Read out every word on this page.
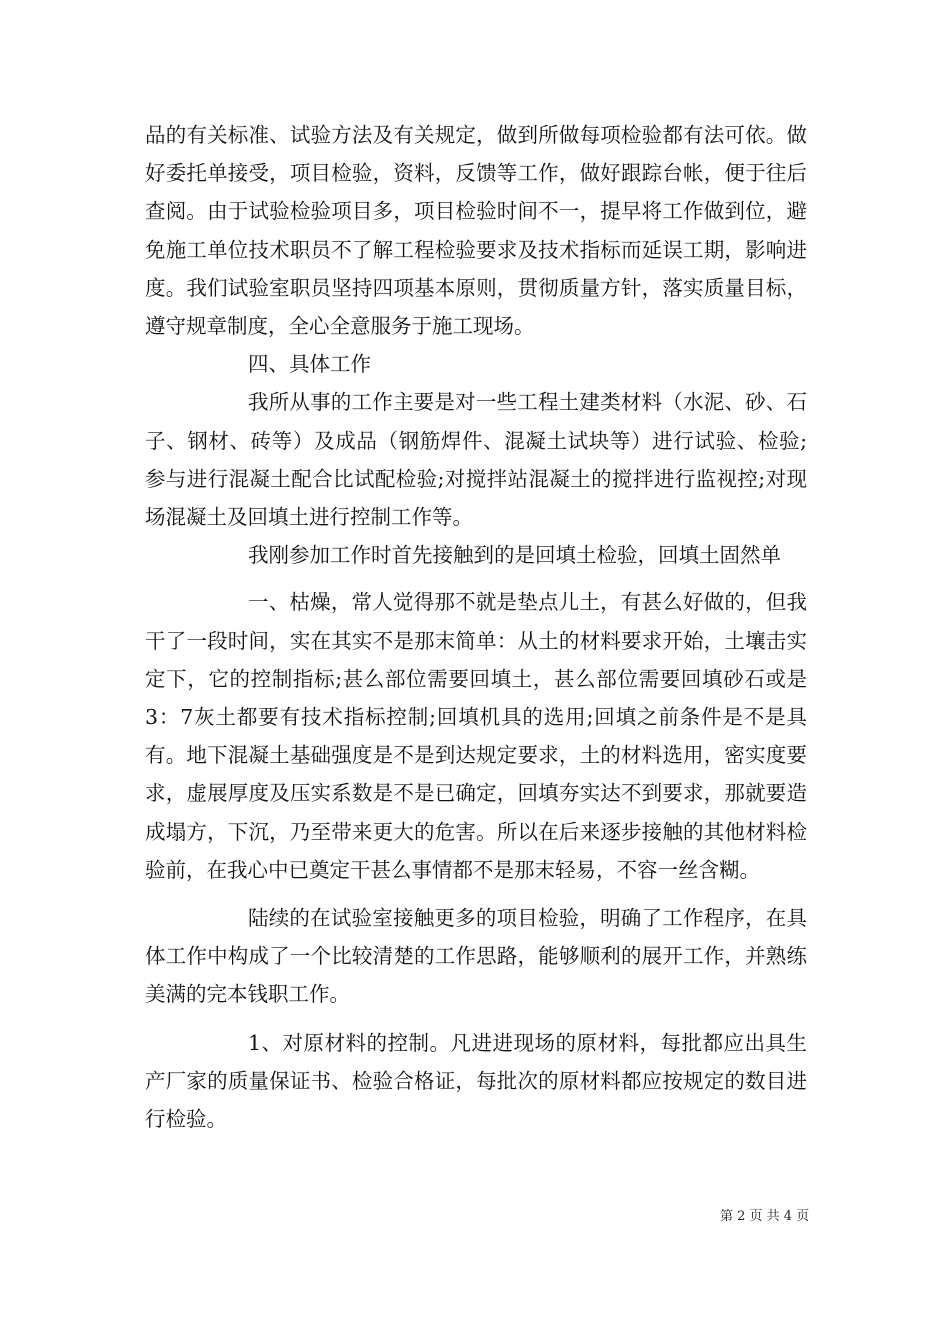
品的有关标准、试验方法及有关规定，做到所做每项检验都有法可依。做好委托单接受，项目检验，资料，反馈等工作，做好跟踪台帐，便于往后查阅。由于试验检验项目多，项目检验时间不一，提早将工作做到位，避免施工单位技术职员不了解工程检验要求及技术指标而延误工期，影响进度。我们试验室职员坚持四项基本原则，贯彻质量方针，落实质量目标，遵守规章制度，全心全意服务于施工现场。

四、具体工作

我所从事的工作主要是对一些工程土建类材料（水泥、砂、石子、钢材、砖等）及成品（钢筋焊件、混凝土试块等）进行试验、检验;参与进行混凝土配合比试配检验;对搅拌站混凝土的搅拌进行监视控;对现场混凝土及回填土进行控制工作等。

我刚参加工作时首先接触到的是回填土检验，回填土固然单

一、枯燥，常人觉得那不就是垫点儿土，有甚么好做的，但我干了一段时间，实在其实不是那末简单：从土的材料要求开始，土壤击实定下，它的控制指标;甚么部位需要回填土，甚么部位需要回填砂石或是3：7灰土都要有技术指标控制;回填机具的选用;回填之前条件是不是具有。地下混凝土基础强度是不是到达规定要求，土的材料选用，密实度要求，虚展厚度及压实系数是不是已确定，回填夯实达不到要求，那就要造成塌方，下沉，乃至带来更大的危害。所以在后来逐步接触的其他材料检验前，在我心中已奠定干甚么事情都不是那末轻易，不容一丝含糊。

陆续的在试验室接触更多的项目检验，明确了工作程序，在具体工作中构成了一个比较清楚的工作思路，能够顺利的展开工作，并熟练美满的完本钱职工作。

1、对原材料的控制。凡进进现场的原材料，每批都应出具生产厂家的质量保证书、检验合格证，每批次的原材料都应按规定的数目进行检验。

第 2 页 共 4 页
